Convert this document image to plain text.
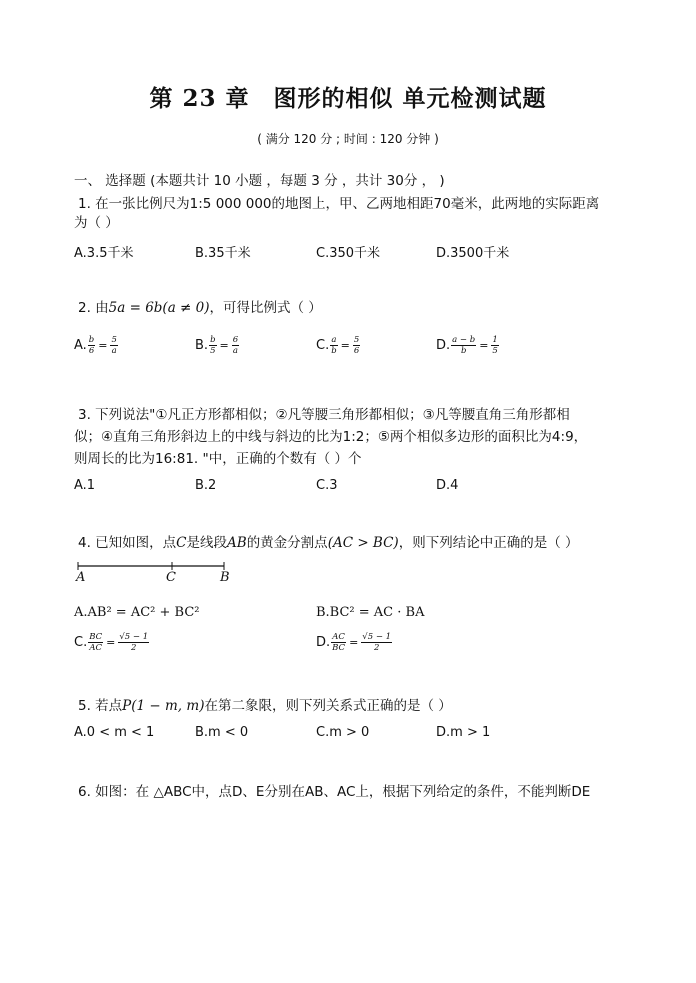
第 23 章 图形的相似 单元检测试题
( 满分 120 分 ; 时间 : 120 分钟 )
一、 选择题 (本题共计 10 小题 ，每题 3 分 ，共计 30分 ， )
1. 在一张比例尺为1:5 000 000的地图上，甲、乙两地相距70毫米，此两地的实际距离
为（ ）
A.3.5千米	B.35千米	C.350千米	D.3500千米
2. 由5a = 6b(a ≠ 0)，可得比例式（ ）
A. $\frac{b}{6} = \frac{5}{a}$	B. $\frac{b}{5} = \frac{6}{a}$	C. $\frac{a}{b} = \frac{5}{6}$	D. $\frac{a - b}{b} = \frac{1}{5}$
3. 下列说法"①凡正方形都相似；②凡等腰三角形都相似；③凡等腰直角三角形都相
似；④直角三角形斜边上的中线与斜边的比为1:2；⑤两个相似多边形的面积比为4:9，
则周长的比为16:81. "中，正确的个数有（ ）个
A.1	B.2	C.3	D.4
4. 已知如图，点C是线段AB的黄金分割点(AC > BC)，则下列结论中正确的是（ ）
A	C	B
A.AB² = AC² + BC²	B.BC² = AC · BA
C. $\frac{BC}{AC} = \frac{√5 - 1}{2}$	D. $\frac{AC}{BC} = \frac{√5 - 1}{2}$
5. 若点P(1 − m, m)在第二象限，则下列关系式正确的是（ ）
A.0 < m < 1	B.m < 0	C.m > 0	D.m > 1
6. 如图：在 △ABC中，点D、E分别在AB、AC上，根据下列给定的条件，不能判断DE
